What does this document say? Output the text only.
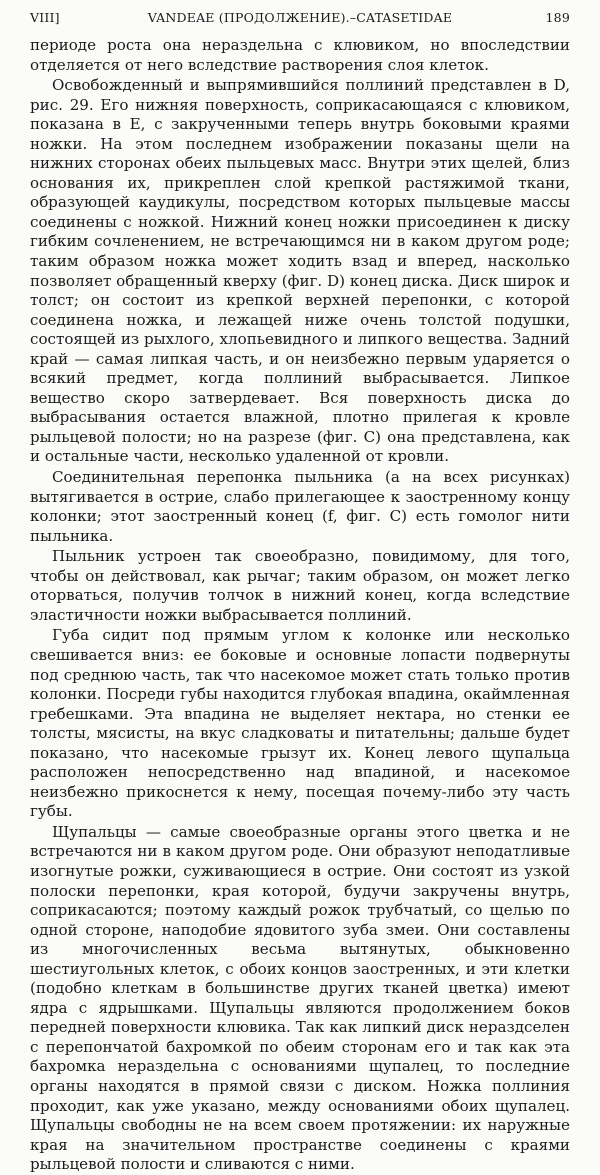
VIII]	VANDEAE (ПРОДОЛЖЕНИЕ).–CATASETIDAE	189

периоде роста она нераздельна с клювиком, но впоследствии отделяется от него вследствие растворения слоя клеток.

Освобожденный и выпрямившийся поллиний представлен в D, рис. 29. Его нижняя поверхность, соприкасающаяся с клювиком, показана в E, с закрученными теперь внутрь боковыми краями ножки. На этом последнем изображении показаны щели на нижних сторонах обеих пыльцевых масс. Внутри этих щелей, близ основания их, прикреплен слой крепкой растяжимой ткани, образующей каудикулы, посредством которых пыльцевые массы соединены с ножкой. Нижний конец ножки присоединен к диску гибким сочленением, не встречающимся ни в каком другом роде; таким образом ножка может ходить взад и вперед, насколько позволяет обращенный кверху (фиг. D) конец диска. Диск широк и толст; он состоит из крепкой верхней перепонки, с которой соединена ножка, и лежащей ниже очень толстой подушки, состоящей из рыхлого, хлопьевидного и липкого вещества. Задний край — самая липкая часть, и он неизбежно первым ударяется о всякий предмет, когда поллиний выбрасывается. Липкое вещество скоро затвердевает. Вся поверхность диска до выбрасывания остается влажной, плотно прилегая к кровле рыльцевой полости; но на разрезе (фиг. C) она представлена, как и остальные части, несколько удаленной от кровли.

Соединительная перепонка пыльника (a на всех рисунках) вытягивается в острие, слабо прилегающее к заостренному концу колонки; этот заостренный конец (f, фиг. C) есть гомолог нити пыльника.

Пыльник устроен так своеобразно, повидимому, для того, чтобы он действовал, как рычаг; таким образом, он может легко оторваться, получив толчок в нижний конец, когда вследствие эластичности ножки выбрасывается поллиний.

Губа сидит под прямым углом к колонке или несколько свешивается вниз: ее боковые и основные лопасти подвернуты под среднюю часть, так что насекомое может стать только против колонки. Посреди губы находится глубокая впадина, окаймленная гребешками. Эта впадина не выделяет нектара, но стенки ее толсты, мясисты, на вкус сладковаты и питательны; дальше будет показано, что насекомые грызут их. Конец левого щупальца расположен непосредственно над впадиной, и насекомое неизбежно прикоснется к нему, посещая почему-либо эту часть губы.

Щупальцы — самые своеобразные органы этого цветка и не встречаются ни в каком другом роде. Они образуют неподатливые изогнутые рожки, суживающиеся в острие. Они состоят из узкой полоски перепонки, края которой, будучи закручены внутрь, соприкасаются; поэтому каждый рожок трубчатый, со щелью по одной стороне, наподобие ядовитого зуба змеи. Они составлены из многочисленных весьма вытянутых, обыкновенно шестиугольных клеток, с обоих концов заостренных, и эти клетки (подобно клеткам в большинстве других тканей цветка) имеют ядра с ядрышками. Щупальцы являются продолжением боков передней поверхности клювика. Так как липкий диск нераздселен с перепончатой бахромкой по обеим сторонам его и так как эта бахромка нераздельна с основаниями щупалец, то последние органы находятся в прямой связи с диском. Ножка поллиния проходит, как уже указано, между основаниями обоих щупалец. Щупальцы свободны не на всем своем протяжении: их наружные края на значительном пространстве соединены с краями рыльцевой полости и сливаются с ними.
